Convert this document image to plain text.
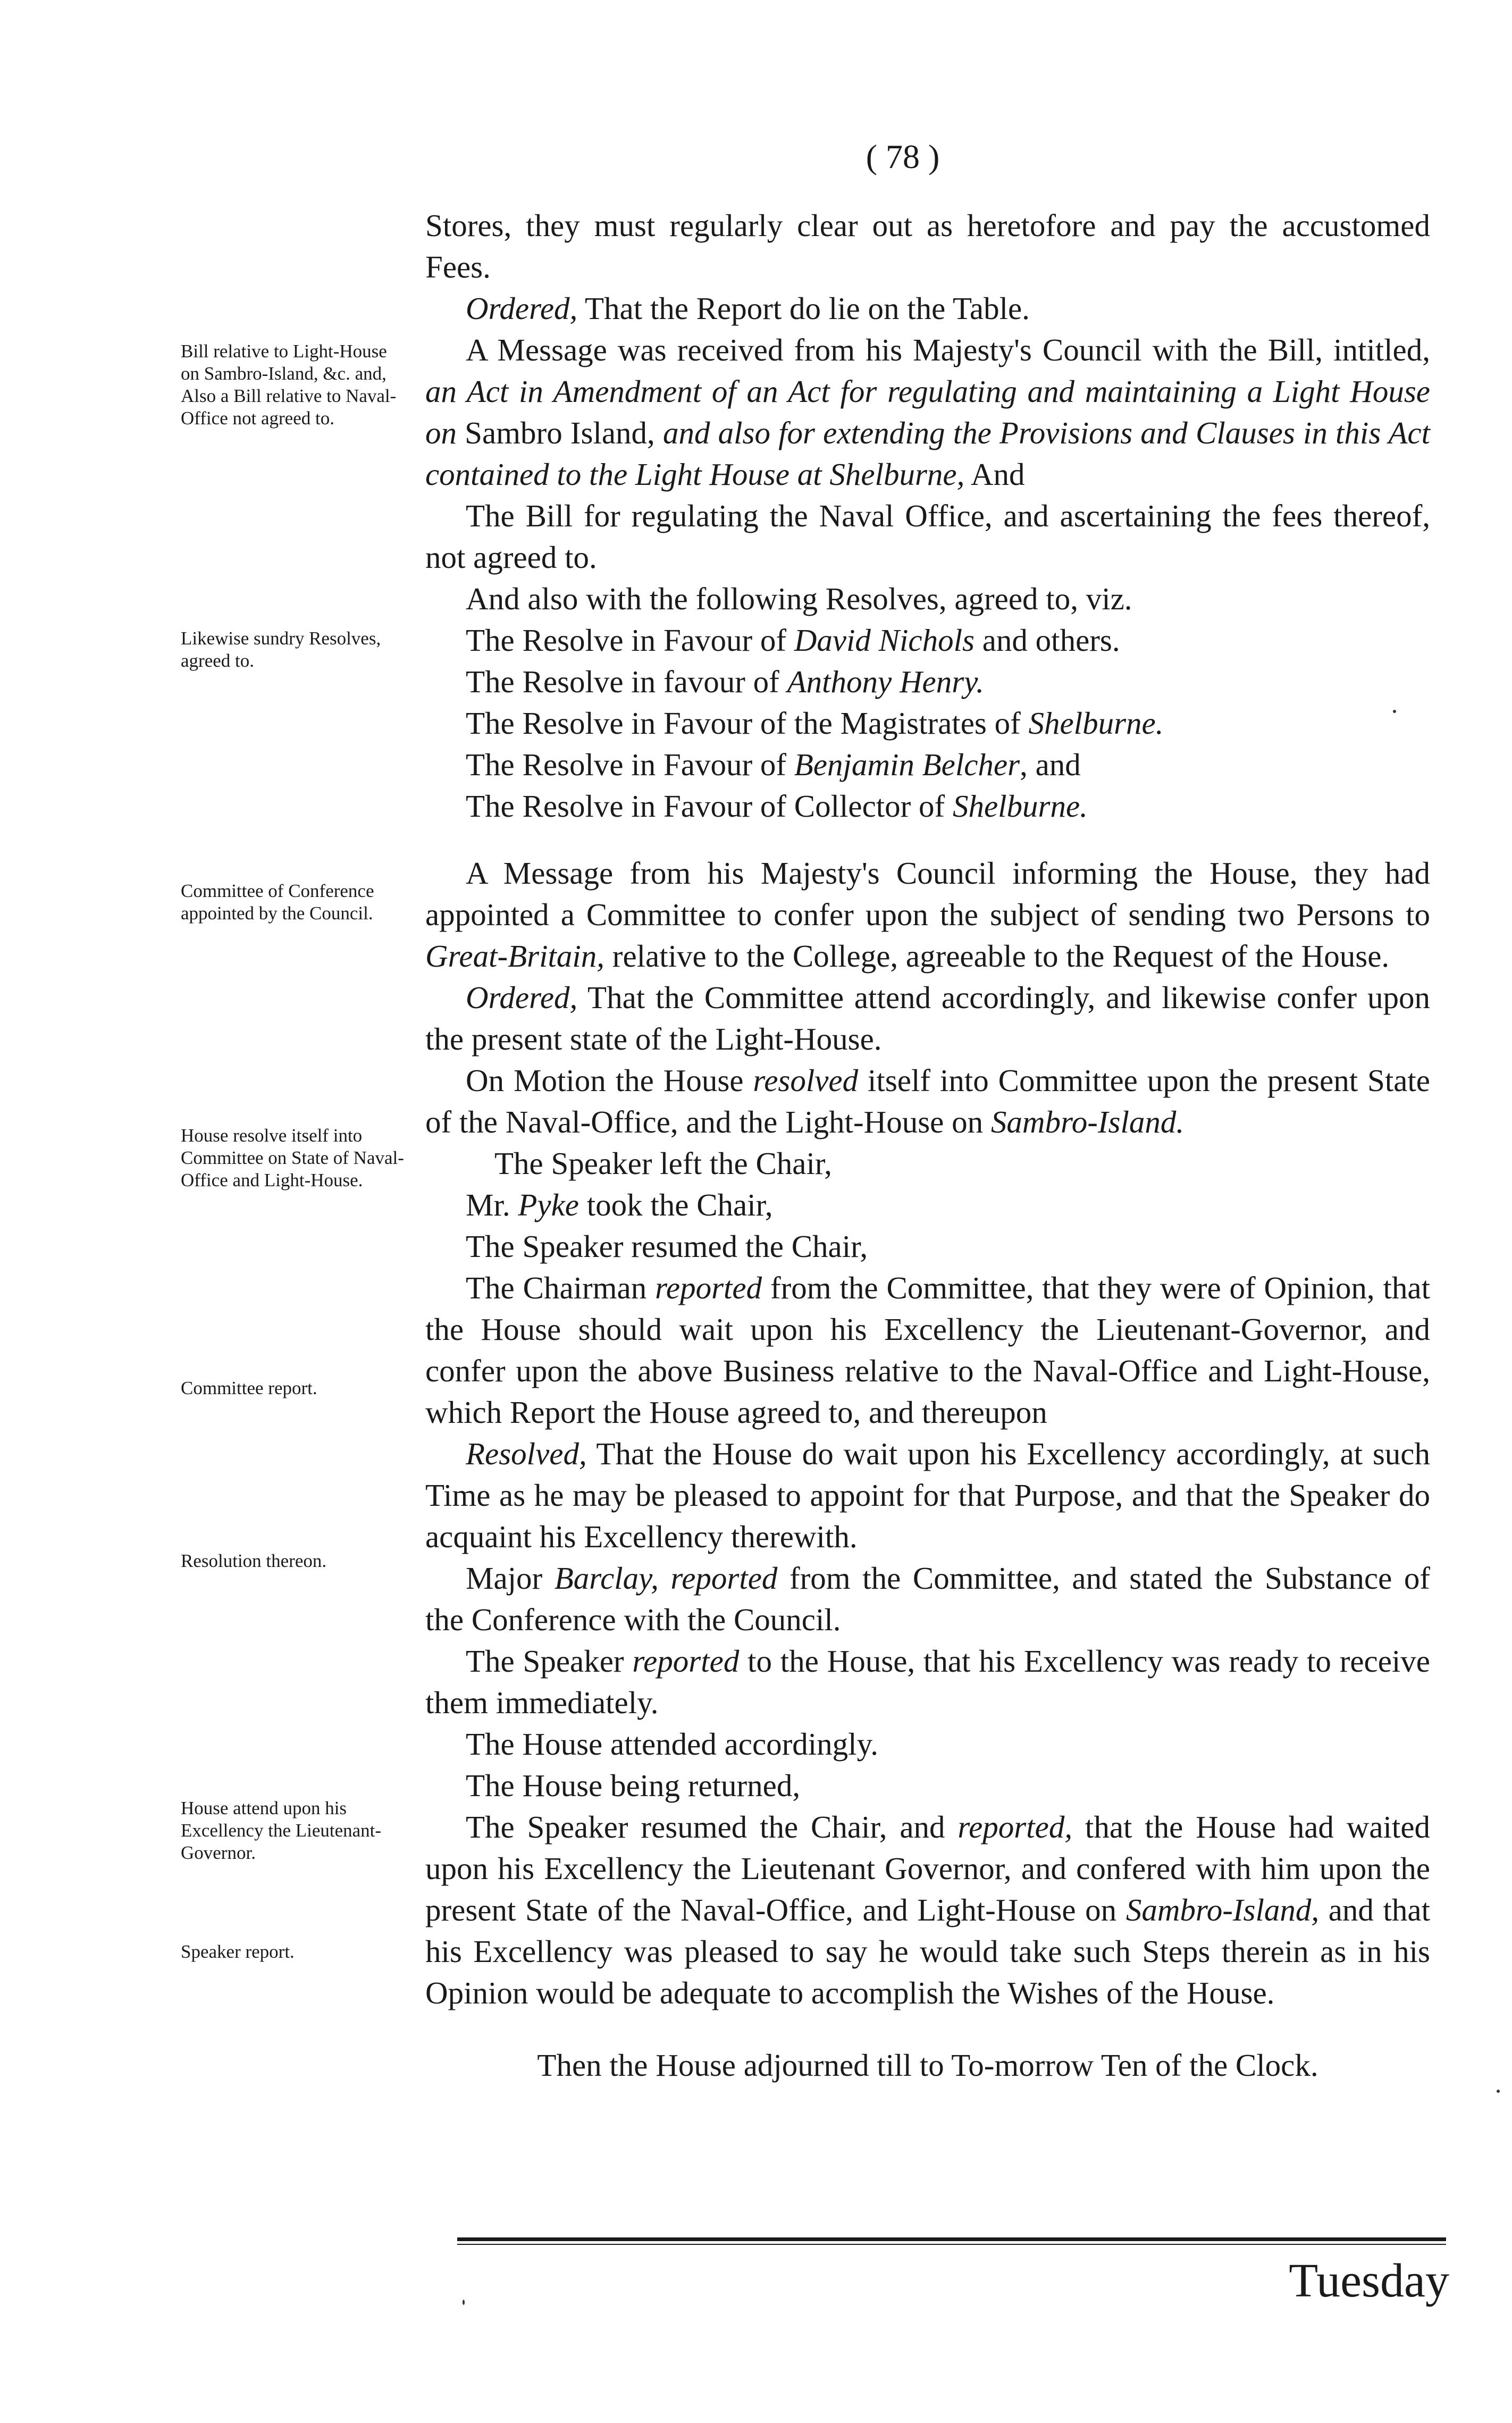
( 78 )
Bill relative to Light-House on Sambro-Island, &c. and, Also a Bill relative to Naval-Office not agreed to.
Likewise sundry Resolves, agreed to.
Committee of Conference appointed by the Council.
House resolve itself into Committee on State of Naval-Office and Light-House.
Committee report.
Resolution thereon.
House attend upon his Excellency the Lieutenant-Governor.
Speaker report.

Stores, they must regularly clear out as heretofore and pay the accustomed Fees.

Ordered, That the Report do lie on the Table.

A Message was received from his Majesty's Council with the Bill, intitled, an Act in Amendment of an Act for regulating and maintaining a Light House on Sambro Island, and also for extending the Provisions and Clauses in this Act contained to the Light House at Shelburne, And

The Bill for regulating the Naval Office, and ascertaining the fees thereof, not agreed to.

And also with the following Resolves, agreed to, viz.

The Resolve in Favour of David Nichols and others.

The Resolve in favour of Anthony Henry.

The Resolve in Favour of the Magistrates of Shelburne.

The Resolve in Favour of Benjamin Belcher, and

The Resolve in Favour of Collector of Shelburne.

A Message from his Majesty's Council informing the House, they had appointed a Committee to confer upon the subject of sending two Persons to Great-Britain, relative to the College, agreeable to the Request of the House.

Ordered, That the Committee attend accordingly, and likewise confer upon the present state of the Light-House.

On Motion the House resolved itself into Committee upon the present State of the Naval-Office, and the Light-House on Sambro-Island.

The Speaker left the Chair,

Mr. Pyke took the Chair,

The Speaker resumed the Chair,

The Chairman reported from the Committee, that they were of Opinion, that the House should wait upon his Excellency the Lieutenant-Governor, and confer upon the above Business relative to the Naval-Office and Light-House, which Report the House agreed to, and thereupon

Resolved, That the House do wait upon his Excellency accordingly, at such Time as he may be pleased to appoint for that Purpose, and that the Speaker do acquaint his Excellency therewith.

Major Barclay, reported from the Committee, and stated the Substance of the Conference with the Council.

The Speaker reported to the House, that his Excellency was ready to receive them immediately.

The House attended accordingly.

The House being returned,

The Speaker resumed the Chair, and reported, that the House had waited upon his Excellency the Lieutenant Governor, and confered with him upon the present State of the Naval-Office, and Light-House on Sambro-Island, and that his Excellency was pleased to say he would take such Steps therein as in his Opinion would be adequate to accomplish the Wishes of the House.

Then the House adjourned till to To-morrow Ten of the Clock.

Tuesday
